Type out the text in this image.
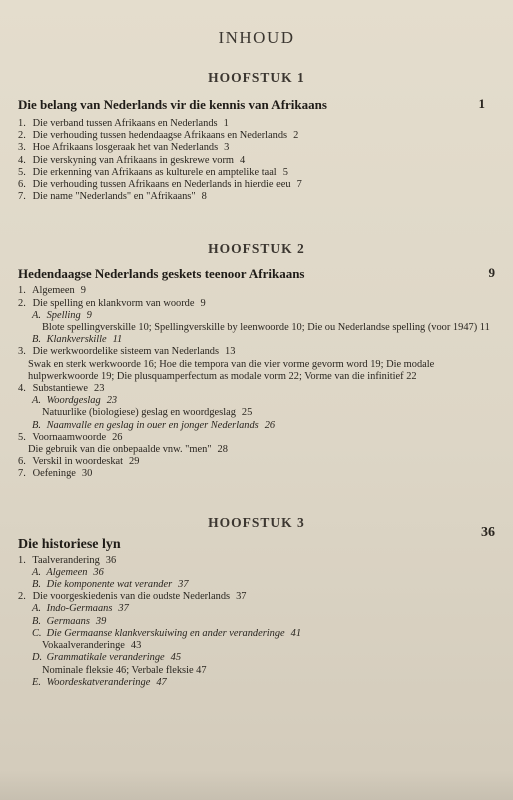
INHOUD
HOOFSTUK 1
Die belang van Nederlands vir die kennis van Afrikaans	1
1. Die verband tussen Afrikaans en Nederlands 1
2. Die verhouding tussen hedendaagse Afrikaans en Nederlands 2
3. Hoe Afrikaans losgeraak het van Nederlands 3
4. Die verskyning van Afrikaans in geskrewe vorm 4
5. Die erkenning van Afrikaans as kulturele en amptelike taal 5
6. Die verhouding tussen Afrikaans en Nederlands in hierdie eeu 7
7. Die name "Nederlands" en "Afrikaans" 8
HOOFSTUK 2
Hedendaagse Nederlands geskets teenoor Afrikaans	9
1. Algemeen 9
2. Die spelling en klankvorm van woorde 9
A. Spelling 9
Blote spellingverskille 10; Spellingverskille by leenwoorde 10; Die ou Nederlandse spelling (voor 1947) 11
B. Klankverskille 11
3. Die werkwoordelike sisteem van Nederlands 13
Swak en sterk werkwoorde 16; Hoe die tempora van die vier vorme gevorm word 19; Die modale hulpwerkwoorde 19; Die plusquamperfectum as modale vorm 22; Vorme van die infinitief 22
4. Substantiewe 23
A. Woordgeslag 23
Natuurlike (biologiese) geslag en woordgeslag 25
B. Naamvalle en geslag in ouer en jonger Nederlands 26
5. Voornaamwoorde 26
Die gebruik van die onbepaalde vnw. "men" 28
6. Verskil in woordeskat 29
7. Oefeninge 30
HOOFSTUK 3
Die historiese lyn
36
1. Taalverandering 36
A. Algemeen 36
B. Die komponente wat verander 37
2. Die voorgeskiedenis van die oudste Nederlands 37
A. Indo-Germaans 37
B. Germaans 39
C. Die Germaanse klankverskuiwing en ander veranderinge 41
Vokaalveranderinge 43
D. Grammatikale veranderinge 45
Nominale fleksie 46; Verbale fleksie 47
E. Woordeskatveranderinge 47
